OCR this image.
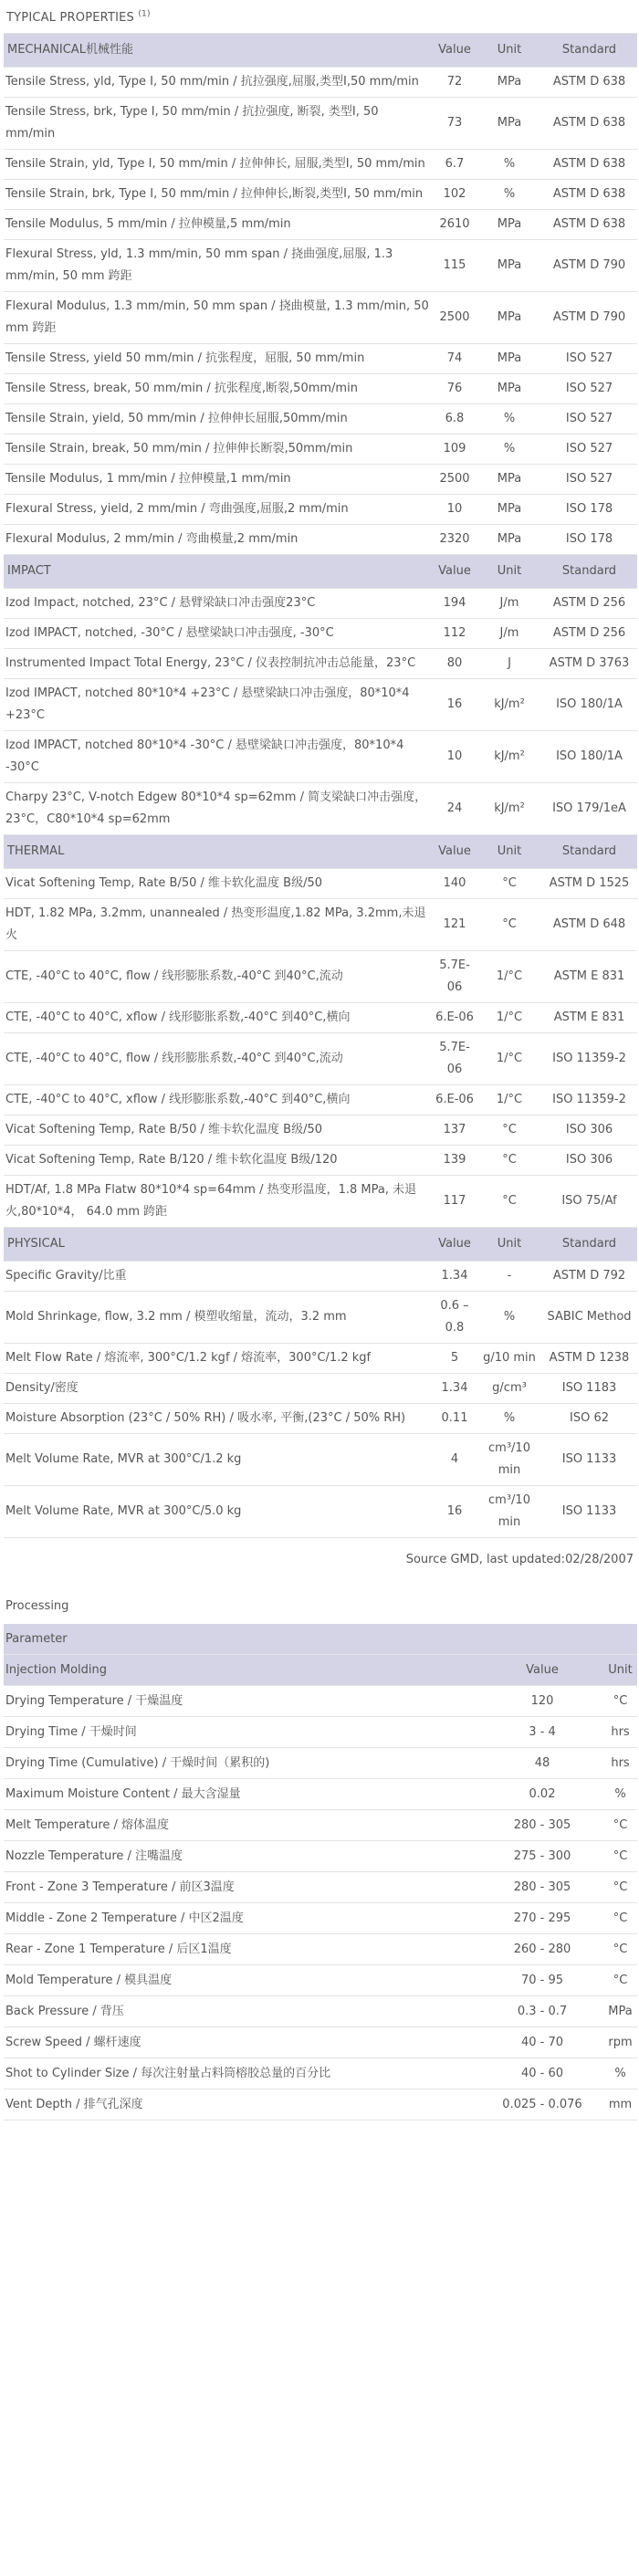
TYPICAL PROPERTIES $^{(1)}$
MECHANICAL机械性能	Value	Unit	Standard
Tensile Stress, yld, Type I, 50 mm/min / 抗拉强度,屈服,类型I,50 mm/min	72	MPa	ASTM D 638
Tensile Stress, brk, Type I, 50 mm/min / 抗拉强度, 断裂, 类型I, 50 mm/min	73	MPa	ASTM D 638
Tensile Strain, yld, Type I, 50 mm/min / 拉伸伸长, 屈服,类型I, 50 mm/min	6.7	%	ASTM D 638
Tensile Strain, brk, Type I, 50 mm/min / 拉伸伸长,断裂,类型I, 50 mm/min	102	%	ASTM D 638
Tensile Modulus, 5 mm/min / 拉伸模量,5 mm/min	2610	MPa	ASTM D 638
Flexural Stress, yld, 1.3 mm/min, 50 mm span / 挠曲强度,屈服, 1.3 mm/min, 50 mm 跨距	115	MPa	ASTM D 790
Flexural Modulus, 1.3 mm/min, 50 mm span / 挠曲模量, 1.3 mm/min, 50 mm 跨距	2500	MPa	ASTM D 790
Tensile Stress, yield 50 mm/min / 抗张程度，屈服, 50 mm/min	74	MPa	ISO 527
Tensile Stress, break, 50 mm/min / 抗张程度,断裂,50mm/min	76	MPa	ISO 527
Tensile Strain, yield, 50 mm/min / 拉伸伸长屈服,50mm/min	6.8	%	ISO 527
Tensile Strain, break, 50 mm/min / 拉伸伸长断裂,50mm/min	109	%	ISO 527
Tensile Modulus, 1 mm/min / 拉伸模量,1 mm/min	2500	MPa	ISO 527
Flexural Stress, yield, 2 mm/min / 弯曲强度,屈服,2 mm/min	10	MPa	ISO 178
Flexural Modulus, 2 mm/min / 弯曲模量,2 mm/min	2320	MPa	ISO 178
IMPACT	Value	Unit	Standard
Izod Impact, notched, 23°C / 悬臂梁缺口冲击强度23°C	194	J/m	ASTM D 256
Izod IMPACT, notched, -30°C / 悬壁梁缺口冲击强度, -30°C	112	J/m	ASTM D 256
Instrumented Impact Total Energy, 23°C / 仪表控制抗冲击总能量，23°C	80	J	ASTM D 3763
Izod IMPACT, notched 80*10*4 +23°C / 悬壁梁缺口冲击强度，80*10*4 +23°C	16	kJ/m²	ISO 180/1A
Izod IMPACT, notched 80*10*4 -30°C / 悬壁梁缺口冲击强度，80*10*4 -30°C	10	kJ/m²	ISO 180/1A
Charpy 23°C, V-notch Edgew 80*10*4 sp=62mm / 简支梁缺口冲击强度，23°C，C80*10*4 sp=62mm	24	kJ/m²	ISO 179/1eA
THERMAL	Value	Unit	Standard
Vicat Softening Temp, Rate B/50 / 维卡软化温度 B级/50	140	°C	ASTM D 1525
HDT, 1.82 MPa, 3.2mm, unannealed / 热变形温度,1.82 MPa, 3.2mm,未退火	121	°C	ASTM D 648
CTE, -40°C to 40°C, flow / 线形膨胀系数,-40°C 到40°C,流动	5.7E-06	1/°C	ASTM E 831
CTE, -40°C to 40°C, xflow / 线形膨胀系数,-40°C 到40°C,横向	6.E-06	1/°C	ASTM E 831
CTE, -40°C to 40°C, flow / 线形膨胀系数,-40°C 到40°C,流动	5.7E-06	1/°C	ISO 11359-2
CTE, -40°C to 40°C, xflow / 线形膨胀系数,-40°C 到40°C,横向	6.E-06	1/°C	ISO 11359-2
Vicat Softening Temp, Rate B/50 / 维卡软化温度 B级/50	137	°C	ISO 306
Vicat Softening Temp, Rate B/120 / 维卡软化温度 B级/120	139	°C	ISO 306
HDT/Af, 1.8 MPa Flatw 80*10*4 sp=64mm / 热变形温度，1.8 MPa, 未退火,80*10*4， 64.0 mm 跨距	117	°C	ISO 75/Af
PHYSICAL	Value	Unit	Standard
Specific Gravity/比重	1.34	-	ASTM D 792
Mold Shrinkage, flow, 3.2 mm / 模塑收缩量，流动，3.2 mm	0.6 – 0.8	%	SABIC Method
Melt Flow Rate / 熔流率, 300°C/1.2 kgf / 熔流率，300°C/1.2 kgf	5	g/10 min	ASTM D 1238
Density/密度	1.34	g/cm³	ISO 1183
Moisture Absorption (23°C / 50% RH) / 吸水率, 平衡,(23°C / 50% RH)	0.11	%	ISO 62
Melt Volume Rate, MVR at 300°C/1.2 kg	4	cm³/10 min	ISO 1133
Melt Volume Rate, MVR at 300°C/5.0 kg	16	cm³/10 min	ISO 1133
Source GMD, last updated:02/28/2007
Processing
Parameter		
Injection Molding	Value	Unit
Drying Temperature / 干燥温度	120	°C
Drying Time / 干燥时间	3 - 4	hrs
Drying Time (Cumulative) / 干燥时间（累积的)	48	hrs
Maximum Moisture Content / 最大含湿量	0.02	%
Melt Temperature / 熔体温度	280 - 305	°C
Nozzle Temperature / 注嘴温度	275 - 300	°C
Front - Zone 3 Temperature / 前区3温度	280 - 305	°C
Middle - Zone 2 Temperature / 中区2温度	270 - 295	°C
Rear - Zone 1 Temperature / 后区1温度	260 - 280	°C
Mold Temperature / 模具温度	70 - 95	°C
Back Pressure / 背压	0.3 - 0.7	MPa
Screw Speed / 螺杆速度	40 - 70	rpm
Shot to Cylinder Size / 每次注射量占料筒榕胶总量的百分比	40 - 60	%
Vent Depth / 排气孔深度	0.025 - 0.076	mm
